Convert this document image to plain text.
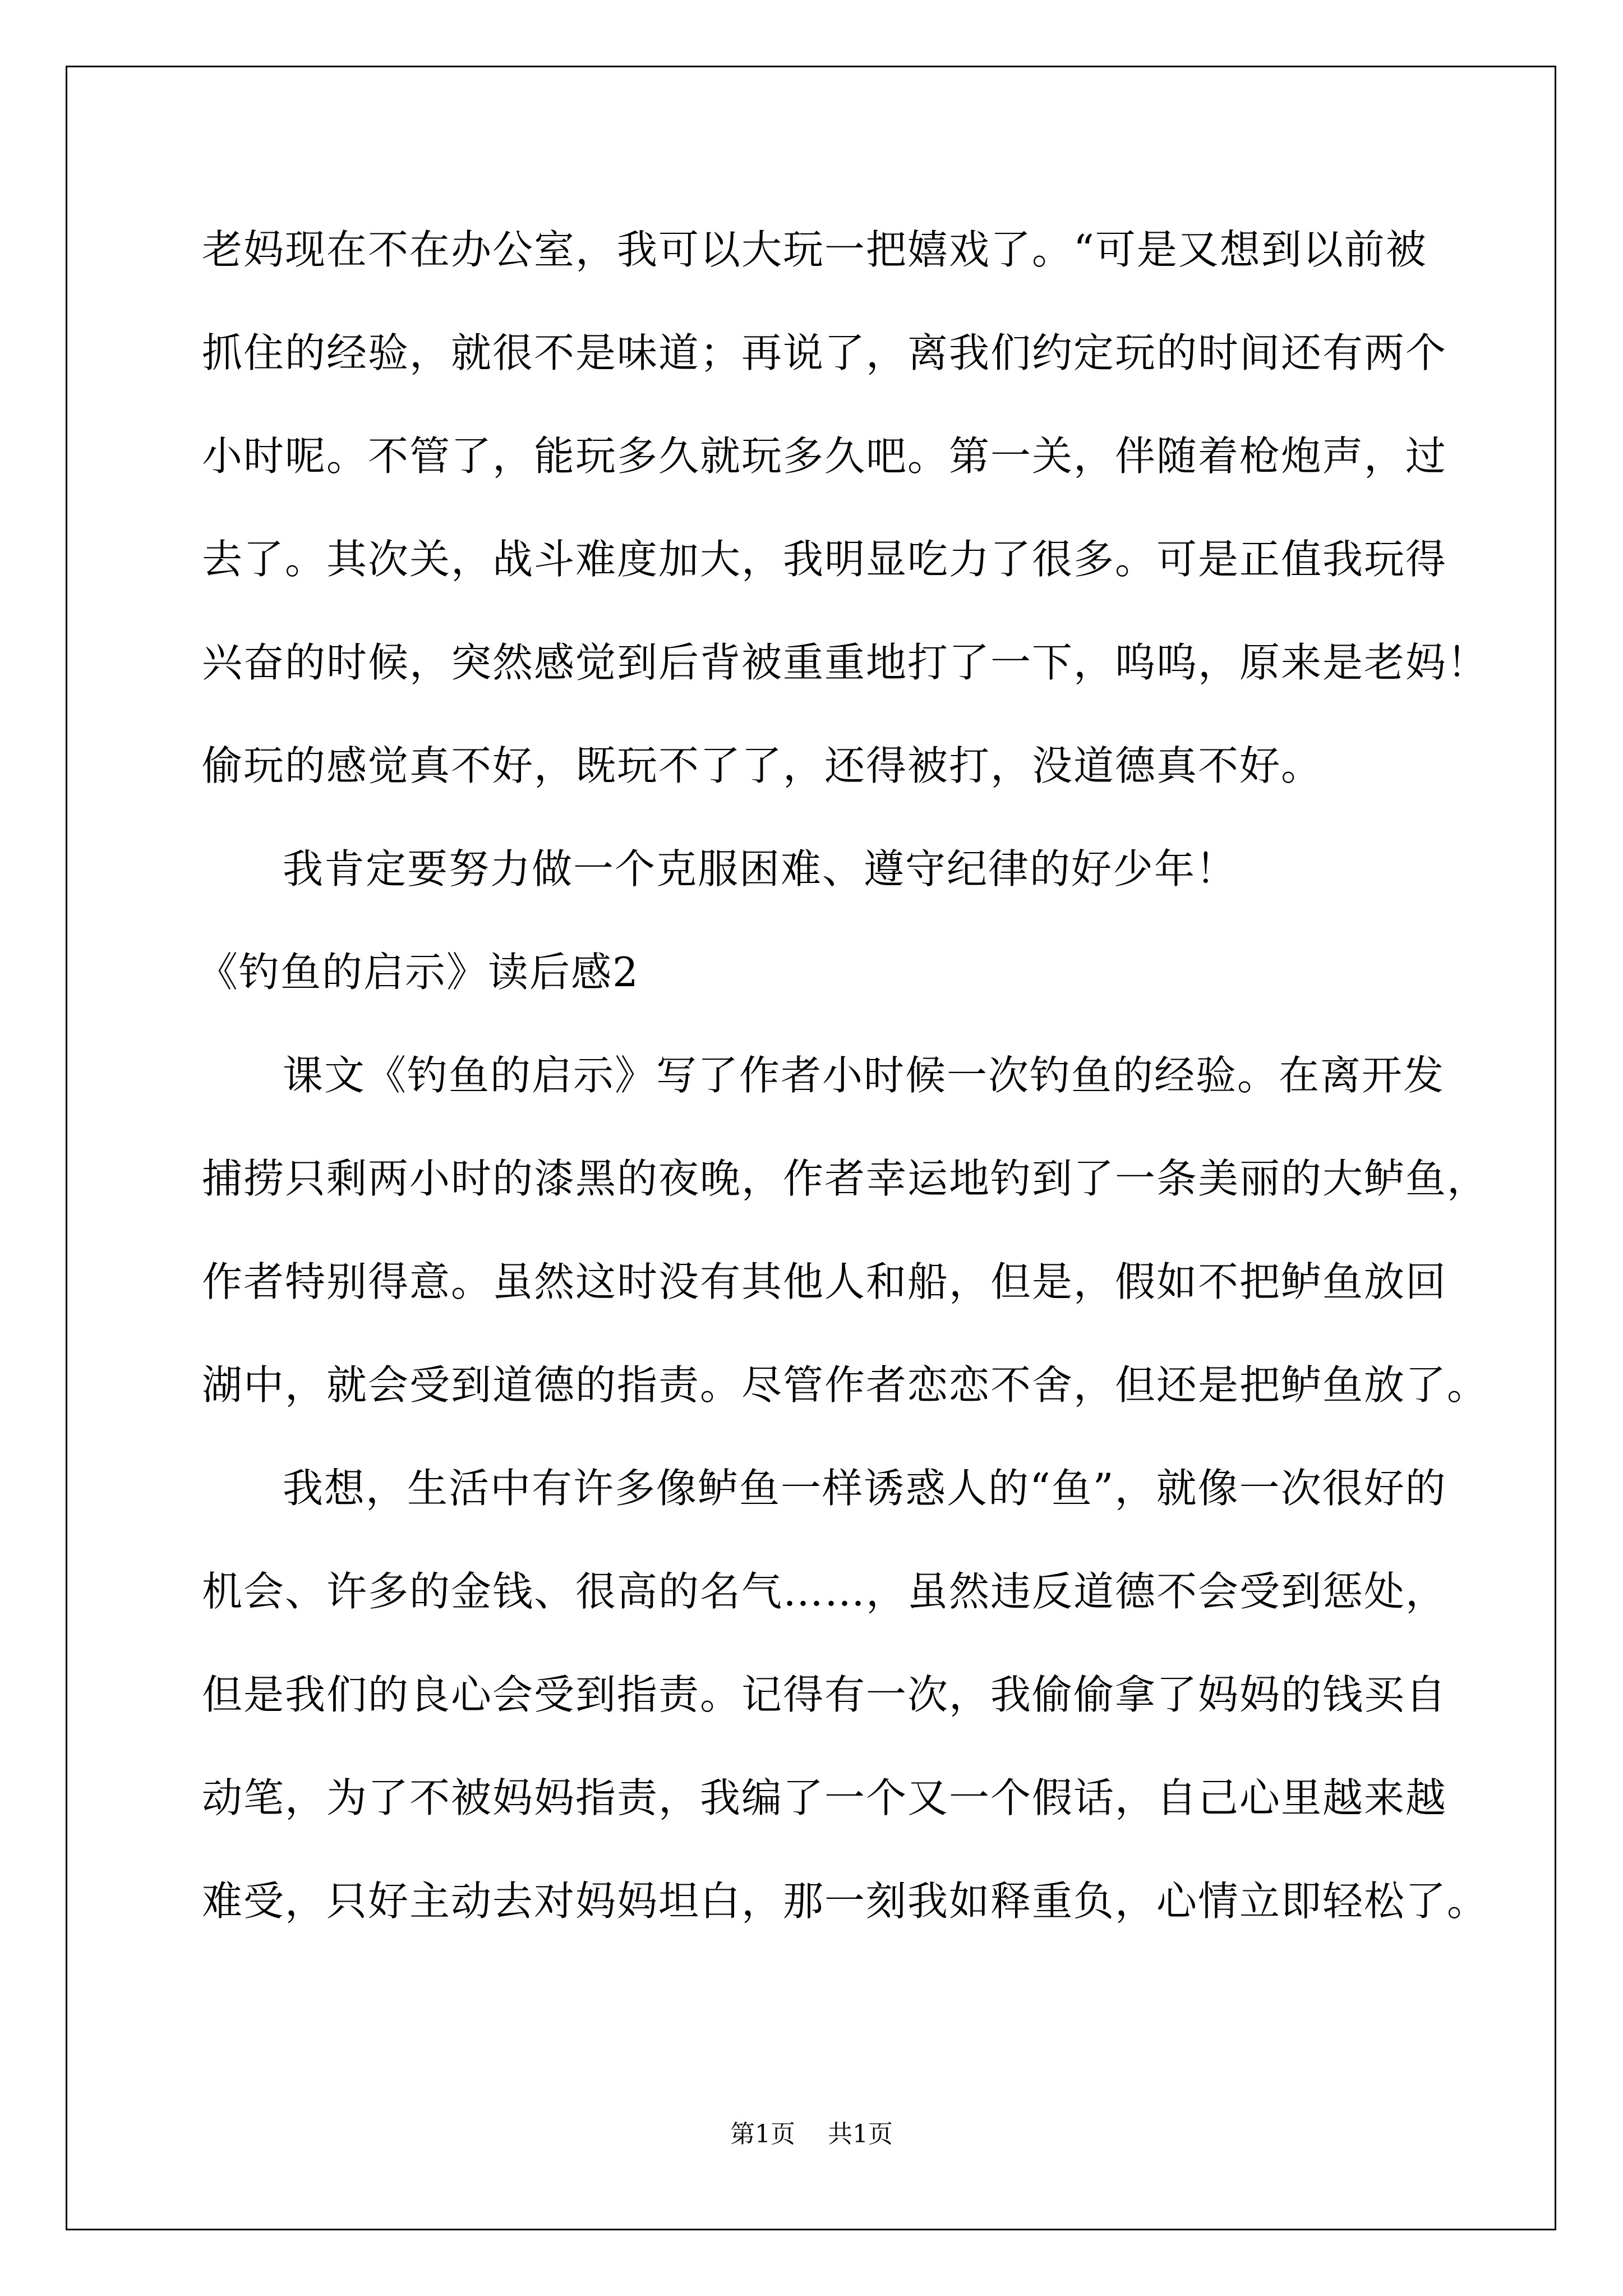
老妈现在不在办公室，我可以大玩一把嬉戏了。“可是又想到以前被
抓住的经验，就很不是味道；再说了，离我们约定玩的时间还有两个
小时呢。不管了，能玩多久就玩多久吧。第一关，伴随着枪炮声，过
去了。其次关，战斗难度加大，我明显吃力了很多。可是正值我玩得
兴奋的时候，突然感觉到后背被重重地打了一下，呜呜，原来是老妈！
偷玩的感觉真不好，既玩不了了，还得被打，没道德真不好。
我肯定要努力做一个克服困难、遵守纪律的好少年！
《钓鱼的启示》读后感2
课文《钓鱼的启示》写了作者小时候一次钓鱼的经验。在离开发
捕捞只剩两小时的漆黑的夜晚，作者幸运地钓到了一条美丽的大鲈鱼，
作者特别得意。虽然这时没有其他人和船，但是，假如不把鲈鱼放回
湖中，就会受到道德的指责。尽管作者恋恋不舍，但还是把鲈鱼放了。
我想，生活中有许多像鲈鱼一样诱惑人的“鱼”，就像一次很好的
机会、许多的金钱、很高的名气……，虽然违反道德不会受到惩处，
但是我们的良心会受到指责。记得有一次，我偷偷拿了妈妈的钱买自
动笔，为了不被妈妈指责，我编了一个又一个假话，自己心里越来越
难受，只好主动去对妈妈坦白，那一刻我如释重负，心情立即轻松了。
第1页 共1页
